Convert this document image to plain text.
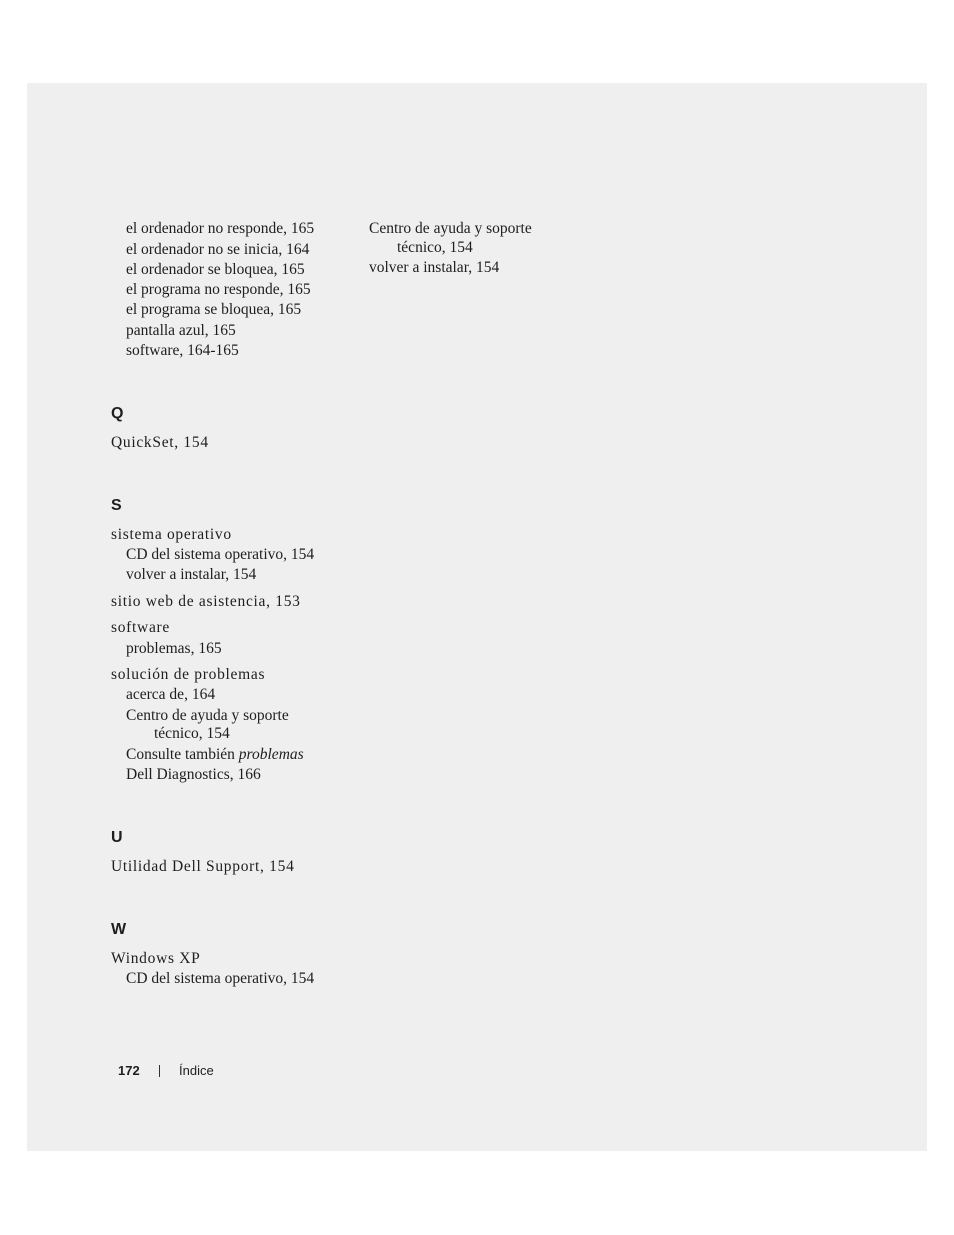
el ordenador no responde, 165
el ordenador no se inicia, 164
el ordenador se bloquea, 165
el programa no responde, 165
el programa se bloquea, 165
pantalla azul, 165
software, 164-165
Centro de ayuda y soporte
técnico, 154
volver a instalar, 154
Q
QuickSet, 154
S
sistema operativo
CD del sistema operativo, 154
volver a instalar, 154
sitio web de asistencia, 153
software
problemas, 165
solución de problemas
acerca de, 164
Centro de ayuda y soporte
técnico, 154
Consulte también problemas
Dell Diagnostics, 166
U
Utilidad Dell Support, 154
W
Windows XP
CD del sistema operativo, 154
172	Índice
